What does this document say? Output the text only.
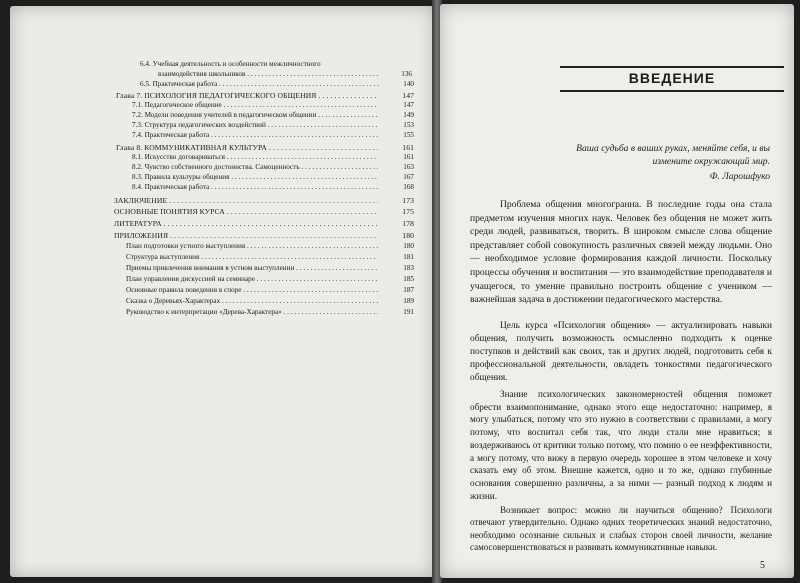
6.4. Учебная деятельность и особенности межличностного
взаимодействия школьников . . .	136
6.5. Практическая работа . . .	140
Глава 7. ПСИХОЛОГИЯ ПЕДАГОГИЧЕСКОГО ОБЩЕНИЯ . . .	147
7.1. Педагогическое общение . . .	147
7.2. Модели поведения учителей в педагогическом общении . . .	149
7.3. Структура педагогических воздействий . . .	153
7.4. Практическая работа . . .	155
Глава 8. КОММУНИКАТИВНАЯ КУЛЬТУРА . . .	161
8.1. Искусство договариваться . . .	161
8.2. Чувство собственного достоинства. Самоценность . . .	163
8.3. Правила культуры общения . . .	167
8.4. Практическая работа . . .	168
ЗАКЛЮЧЕНИЕ . . .	173
ОСНОВНЫЕ ПОНЯТИЯ КУРСА . . .	175
ЛИТЕРАТУРА . . .	178
ПРИЛОЖЕНИЯ . . .	180
План подготовки устного выступления . . .	180
Структура выступления . . .	181
Приемы привлечения внимания в устном выступлении . . .	183
План управления дискуссией на семинаре . . .	185
Основные правила поведения в споре . . .	187
Сказка о Деревьях-Характерах . . .	189
Руководство к интерпретации «Дерева-Характера» . . .	191
ВВЕДЕНИЕ
Ваша судьба в ваших руках, меняйте себя, и вы измените окружающий мир.
Ф. Ларошфуко
Проблема общения многогранна. В последние годы она стала предметом изучения многих наук. Человек без общения не может жить среди людей, развиваться, творить. В широком смысле слова общение представляет собой совокупность различных связей между людьми. Оно — необходимое условие формирования каждой личности. Поскольку процессы обучения и воспитания — это взаимодействие преподавателя и учащегося, то умение правильно построить общение с учеником — важнейшая задача в достижении педагогического мастерства.
Цель курса «Психология общения» — актуализировать навыки общения, получить возможность осмысленно подходить к оценке поступков и действий как своих, так и других людей, подготовить себя к профессиональной деятельности, овладеть тонкостями педагогического общения.
Знание психологических закономерностей общения поможет обрести взаимопонимание, однако этого еще недостаточно: например, я могу улыбаться, потому что это нужно в соответствии с правилами, а могу потому, что воспитал себя так, что люди стали мне нравиться; я воздерживаюсь от критики только потому, что помню о ее неэффективности, а могу потому, что вижу в первую очередь хорошее в этом человеке и хочу сказать ему об этом. Внешне кажется, одно и то же, однако глубинные основания совершенно различны, а за ними — разный подход к людям и жизни.
Возникает вопрос: можно ли научиться общению? Психологи отвечают утвердительно. Однако одних теоретических знаний недостаточно, необходимо осознание сильных и слабых сторон своей личности, желание самосовершенствоваться и развивать коммуникативные навыки.
5
